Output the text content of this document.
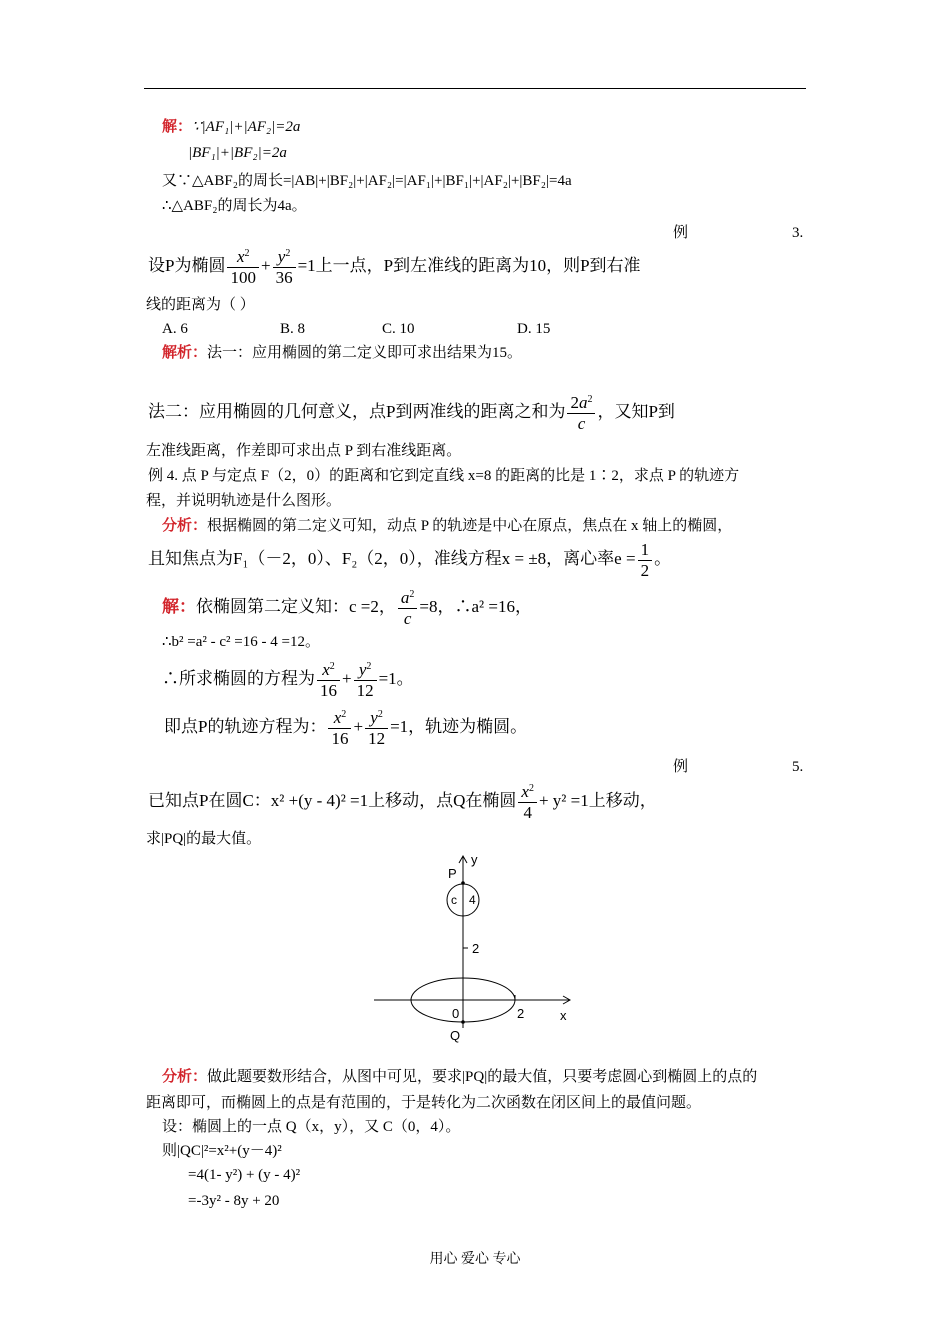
解：∵|AF₁|+|AF₂|=2a
|BF₁|+|BF₂|=2a
又∵△ABF₂的周长=|AB|+|BF₂|+|AF₂|=|AF₁|+|BF₁|+|AF₂|+|BF₂|=4a
∴△ABF₂的周长为4a。
例	3.
设P为椭圆 $\frac{x^2}{100} + \frac{y^2}{36} =1$上一点，P到左准线的距离为10，则P到右准
线的距离为（ ）
A. 6	B. 8	C. 10	D. 15
解析：法一：应用椭圆的第二定义即可求出结果为15。
法二：应用椭圆的几何意义，点P到两准线的距离之和为 $\frac{2a^2}{c}$ ，又知P到
左准线距离，作差即可求出点 P 到右准线距离。
例 4. 点 P 与定点 F（2，0）的距离和它到定直线 x=8 的距离的比是 1∶2，求点 P 的轨迹方
程，并说明轨迹是什么图形。
分析：根据椭圆的第二定义可知，动点 P 的轨迹是中心在原点，焦点在 x 轴上的椭圆，
且知焦点为F₁（－2，0）、F₂（2，0），准线方程x = ±8，离心率$e = \frac{1}{2}$ 。
解：依椭圆第二定义知：c =2， $\frac{a^2}{c} =8$，∴a² =16，
∴b² =a² - c² =16 - 4 =12。
∴所求椭圆的方程为 $\frac{x^2}{16} + \frac{y^2}{12} =1$。
即点P的轨迹方程为： $\frac{x^2}{16} + \frac{y^2}{12} =1$，轨迹为椭圆。
例	5.
已知点P在圆C：x² +(y - 4)² =1上移动，点Q在椭圆 $\frac{x^2}{4} + y^2 =1$上移动，
求|PQ|的最大值。
P
y
c 4
2
0	2	x
Q
分析：做此题要数形结合，从图中可见，要求|PQ|的最大值，只要考虑圆心到椭圆上的点的
距离即可，而椭圆上的点是有范围的，于是转化为二次函数在闭区间上的最值问题。
设：椭圆上的一点 Q（x，y），又 C（0，4）。
则|QC|²=x²+(y－4)²
=4(1- y²) + (y - 4)²
=-3y² - 8y + 20
用心 爱心 专心
